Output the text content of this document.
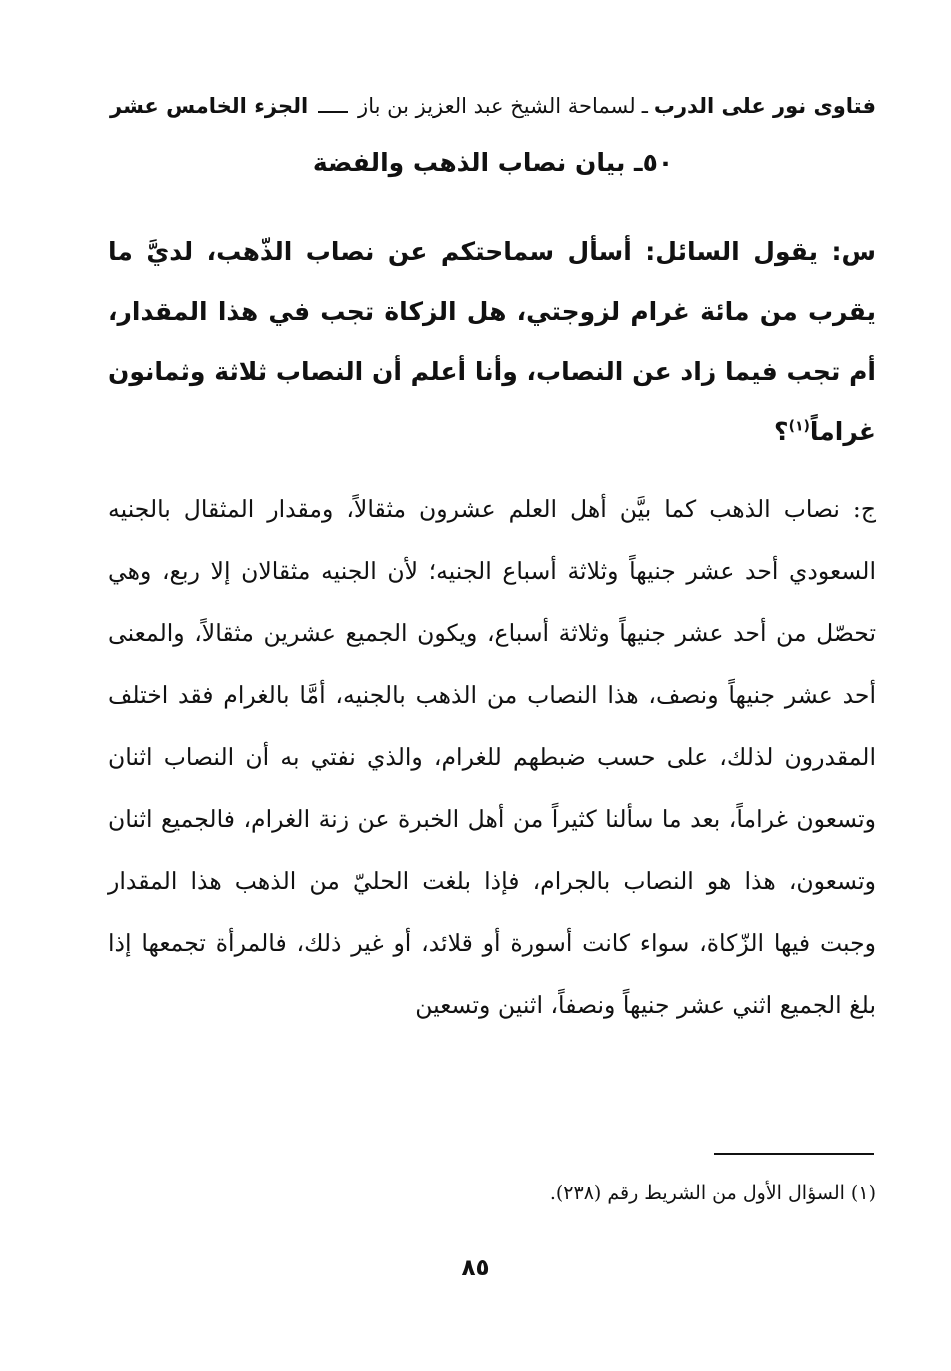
فتاوى نور على الدرب
ـ
لسماحة الشيخ عبد العزيز بن باز
الجزء الخامس عشر
٥٠ـ بيان نصاب الذهب والفضة

س: يقول السائل: أسأل سماحتكم عن نصاب الذّهب، لديَّ ما يقرب من مائة غرام لزوجتي، هل الزكاة تجب في هذا المقدار، أم تجب فيما زاد عن النصاب، وأنا أعلم أن النصاب ثلاثة وثمانون غراماً$^{(١)}$؟

ج: نصاب الذهب كما بيَّن أهل العلم عشرون مثقالاً، ومقدار المثقال بالجنيه السعودي أحد عشر جنيهاً وثلاثة أسباع الجنيه؛ لأن الجنيه مثقالان إلا ربع، وهي تحصّل من أحد عشر جنيهاً وثلاثة أسباع، ويكون الجميع عشرين مثقالاً، والمعنى أحد عشر جنيهاً ونصف، هذا النصاب من الذهب بالجنيه، أمَّا بالغرام فقد اختلف المقدرون لذلك، على حسب ضبطهم للغرام، والذي نفتي به أن النصاب اثنان وتسعون غراماً، بعد ما سألنا كثيراً من أهل الخبرة عن زنة الغرام، فالجميع اثنان وتسعون، هذا هو النصاب بالجرام، فإذا بلغت الحليّ من الذهب هذا المقدار وجبت فيها الزّكاة، سواء كانت أسورة أو قلائد، أو غير ذلك، فالمرأة تجمعها إذا بلغ الجميع اثني عشر جنيهاً ونصفاً، اثنين وتسعين

(١) السؤال الأول من الشريط رقم (٢٣٨).
٨٥
